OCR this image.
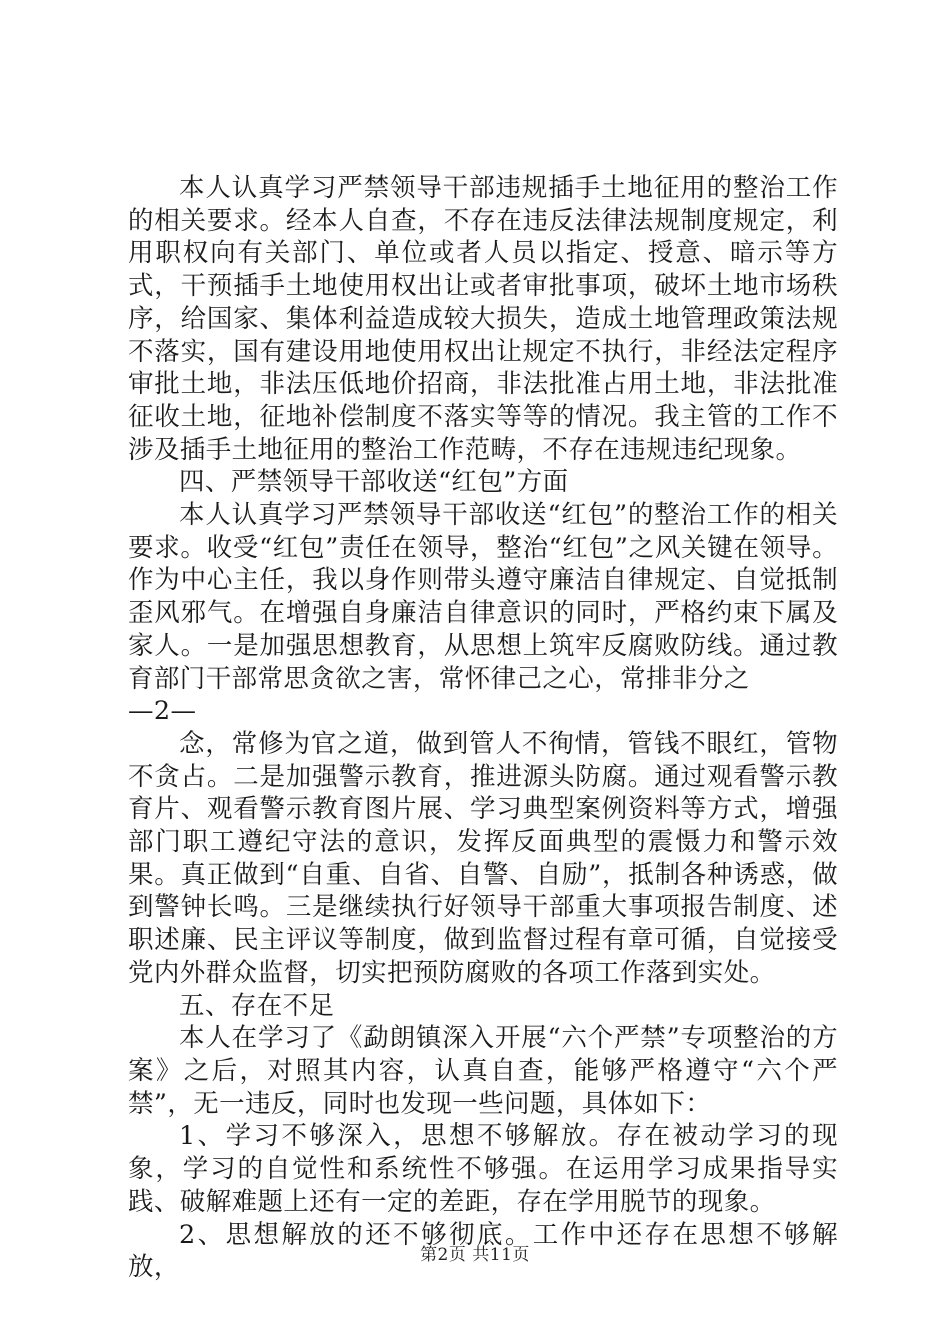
本人认真学习严禁领导干部违规插手土地征用的整治工作的相关要求。经本人自查，不存在违反法律法规制度规定，利用职权向有关部门、单位或者人员以指定、授意、暗示等方式，干预插手土地使用权出让或者审批事项，破坏土地市场秩序，给国家、集体利益造成较大损失，造成土地管理政策法规不落实，国有建设用地使用权出让规定不执行，非经法定程序审批土地，非法压低地价招商，非法批准占用土地，非法批准征收土地，征地补偿制度不落实等等的情况。我主管的工作不涉及插手土地征用的整治工作范畴，不存在违规违纪现象。

四、严禁领导干部收送“红包”方面

本人认真学习严禁领导干部收送“红包”的整治工作的相关要求。收受“红包”责任在领导，整治“红包”之风关键在领导。作为中心主任，我以身作则带头遵守廉洁自律规定、自觉抵制歪风邪气。在增强自身廉洁自律意识的同时，严格约束下属及家人。一是加强思想教育，从思想上筑牢反腐败防线。通过教育部门干部常思贪欲之害，常怀律己之心，常排非分之

—2—

念，常修为官之道，做到管人不徇情，管钱不眼红，管物不贪占。二是加强警示教育，推进源头防腐。通过观看警示教育片、观看警示教育图片展、学习典型案例资料等方式，增强部门职工遵纪守法的意识，发挥反面典型的震慑力和警示效果。真正做到“自重、自省、自警、自励”，抵制各种诱惑，做到警钟长鸣。三是继续执行好领导干部重大事项报告制度、述职述廉、民主评议等制度，做到监督过程有章可循，自觉接受党内外群众监督，切实把预防腐败的各项工作落到实处。

五、存在不足

本人在学习了《勐朗镇深入开展“六个严禁”专项整治的方案》之后，对照其内容，认真自查，能够严格遵守“六个严禁”，无一违反，同时也发现一些问题，具体如下：

1、学习不够深入，思想不够解放。存在被动学习的现象，学习的自觉性和系统性不够强。在运用学习成果指导实践、破解难题上还有一定的差距，存在学用脱节的现象。

2、思想解放的还不够彻底。工作中还存在思想不够解放，	第2页 共11页
